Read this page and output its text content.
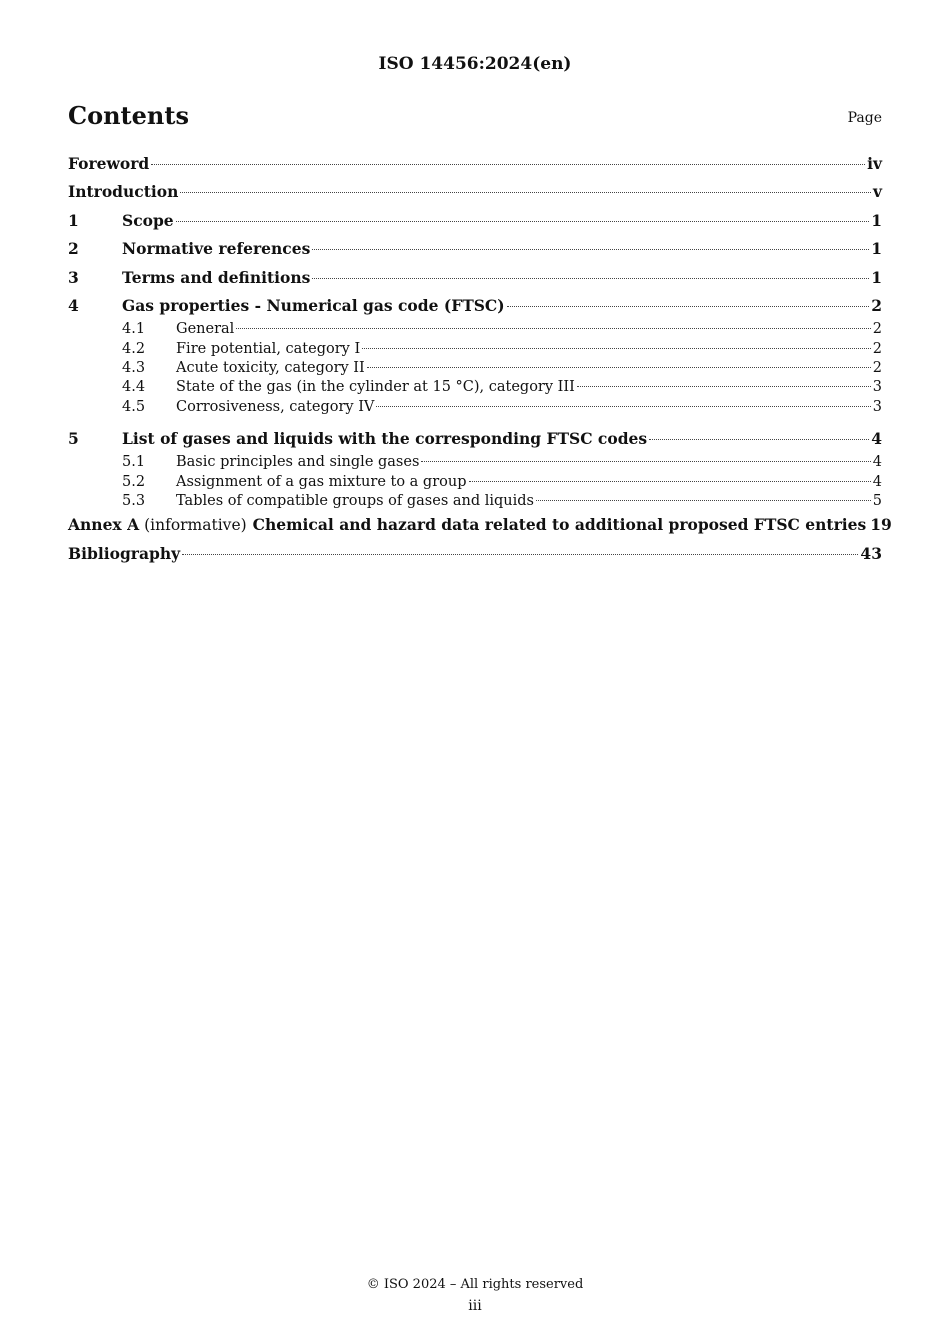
ISO 14456:2024(en)
Contents	Page
Foreword	iv
Introduction	v
1	Scope	1
2	Normative references	1
3	Terms and definitions	1
4	Gas properties - Numerical gas code (FTSC)	2
4.1	General	2
4.2	Fire potential, category I	2
4.3	Acute toxicity, category II	2
4.4	State of the gas (in the cylinder at 15 °C), category III	3
4.5	Corrosiveness, category IV	3
5	List of gases and liquids with the corresponding FTSC codes	4
5.1	Basic principles and single gases	4
5.2	Assignment of a gas mixture to a group	4
5.3	Tables of compatible groups of gases and liquids	5
Annex A (informative) Chemical and hazard data related to additional proposed FTSC entries 19
Bibliography	43
© ISO 2024 – All rights reserved
iii
